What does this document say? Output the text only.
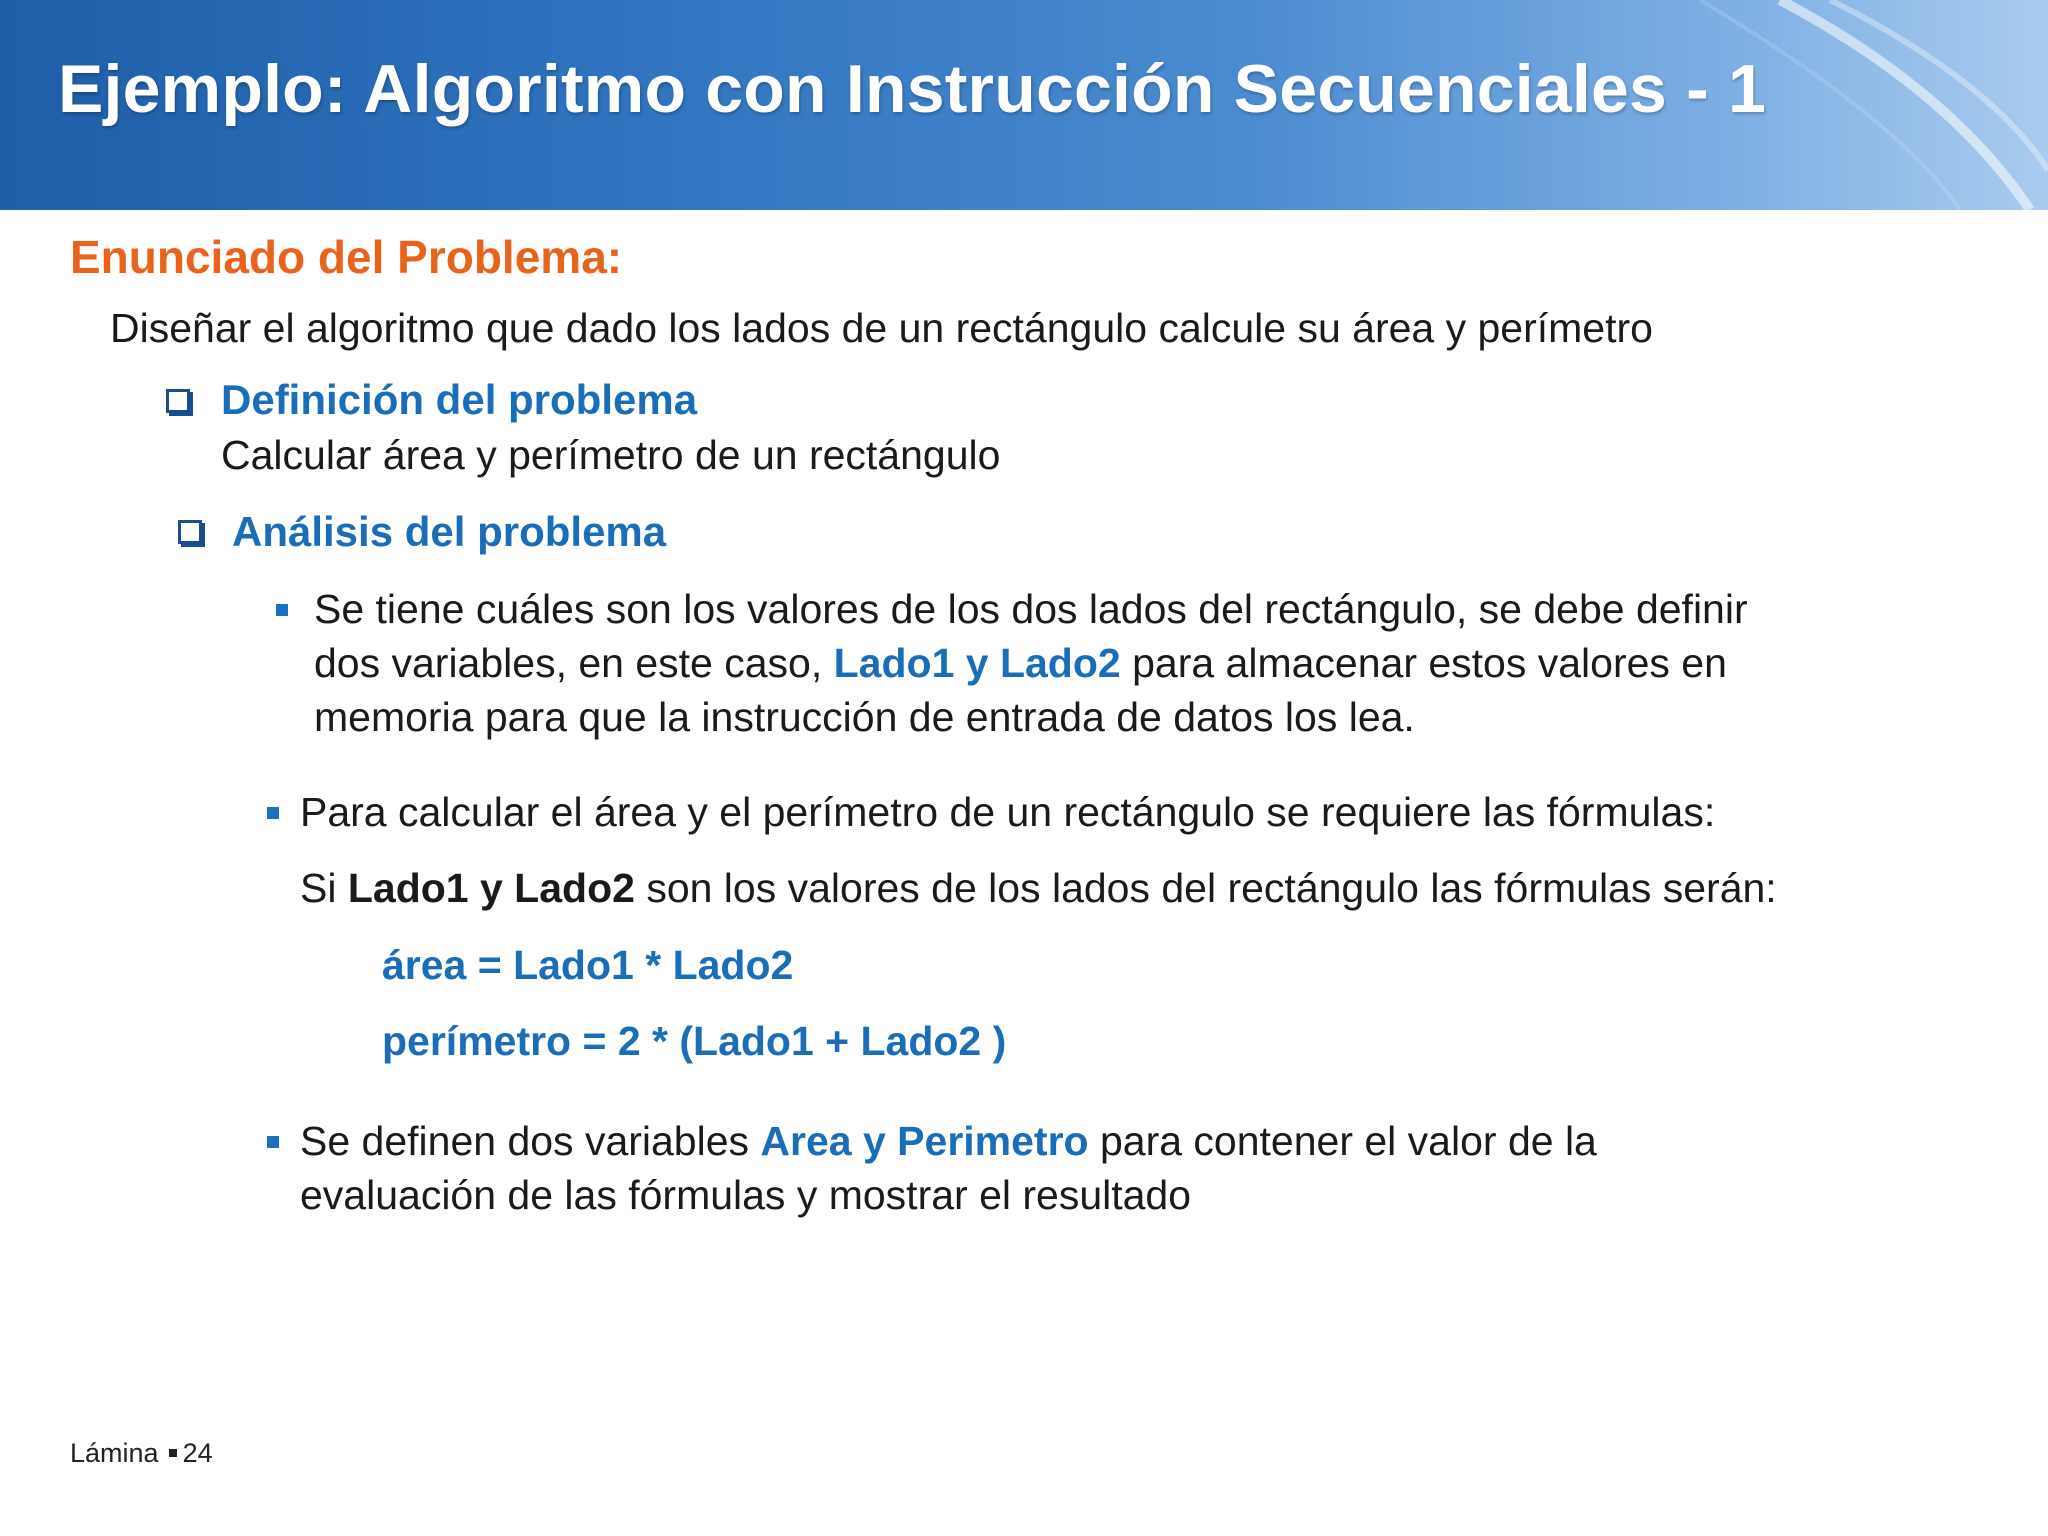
Ejemplo: Algoritmo con Instrucción Secuenciales - 1
Enunciado del Problema:
Diseñar el algoritmo que dado los lados de un rectángulo calcule su área y perímetro
Definición del problema
Calcular área y perímetro de un rectángulo
Análisis del problema
Se tiene cuáles son los valores de los dos lados del rectángulo, se debe definir
dos variables, en este caso, Lado1 y Lado2 para almacenar estos valores en
memoria para que la instrucción de entrada de datos los lea.
Para calcular el área y el perímetro de un rectángulo se requiere las fórmulas:
Si Lado1 y Lado2 son los valores de los lados del rectángulo las fórmulas serán:
área = Lado1 * Lado2
perímetro = 2 * (Lado1 + Lado2 )
Se definen dos variables Area y Perimetro para contener el valor de la
evaluación de las fórmulas y mostrar el resultado
Lámina 24
